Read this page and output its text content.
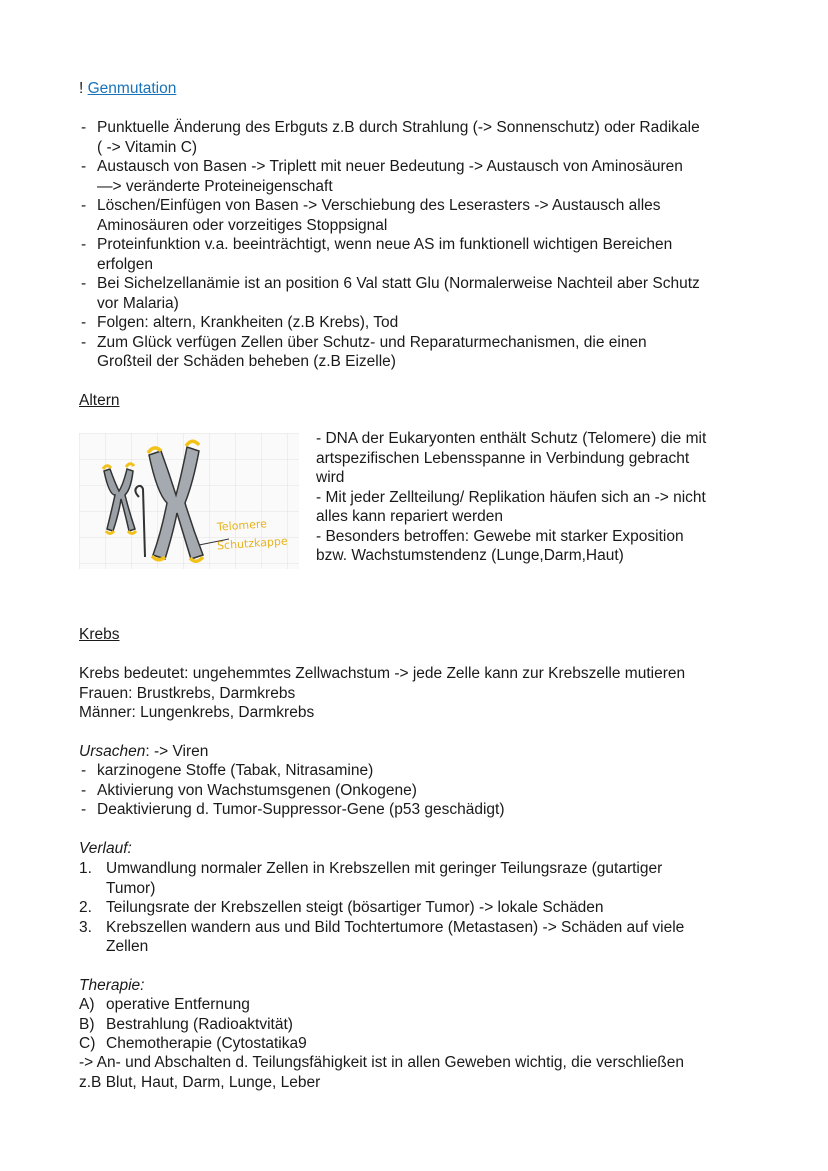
! Genmutation
- Punktuelle Änderung des Erbguts z.B durch Strahlung (-> Sonnenschutz) oder Radikale
( -> Vitamin C)
- Austausch von Basen -> Triplett mit neuer Bedeutung -> Austausch von Aminosäuren
—> veränderte Proteineigenschaft
- Löschen/Einfügen von Basen -> Verschiebung des Leserasters -> Austausch alles
Aminosäuren oder vorzeitiges Stoppsignal
- Proteinfunktion v.a. beeinträchtigt, wenn neue AS im funktionell wichtigen Bereichen
erfolgen
- Bei Sichelzellanämie ist an position 6 Val statt Glu (Normalerweise Nachteil aber Schutz
vor Malaria)
- Folgen: altern, Krankheiten (z.B Krebs), Tod
- Zum Glück verfügen Zellen über Schutz- und Reparaturmechanismen, die einen
Großteil der Schäden beheben (z.B Eizelle)
Altern
Telomere
Schutzkappe
- DNA der Eukaryonten enthält Schutz (Telomere) die mit
artspezifischen Lebensspanne in Verbindung gebracht
wird
- Mit jeder Zellteilung/ Replikation häufen sich an -> nicht
alles kann repariert werden
- Besonders betroffen: Gewebe mit starker Exposition
bzw. Wachstumstendenz (Lunge,Darm,Haut)
Krebs
Krebs bedeutet: ungehemmtes Zellwachstum -> jede Zelle kann zur Krebszelle mutieren
Frauen: Brustkrebs, Darmkrebs
Männer: Lungenkrebs, Darmkrebs
Ursachen: -> Viren
- karzinogene Stoffe (Tabak, Nitrasamine)
- Aktivierung von Wachstumsgenen (Onkogene)
- Deaktivierung d. Tumor-Suppressor-Gene (p53 geschädigt)
Verlauf:
1. Umwandlung normaler Zellen in Krebszellen mit geringer Teilungsraze (gutartiger
Tumor)
2. Teilungsrate der Krebszellen steigt (bösartiger Tumor) -> lokale Schäden
3. Krebszellen wandern aus und Bild Tochtertumore (Metastasen) -> Schäden auf viele
Zellen
Therapie:
A) operative Entfernung
B) Bestrahlung (Radioaktvität)
C) Chemotherapie (Cytostatika9
-> An- und Abschalten d. Teilungsfähigkeit ist in allen Geweben wichtig, die verschließen
z.B Blut, Haut, Darm, Lunge, Leber
